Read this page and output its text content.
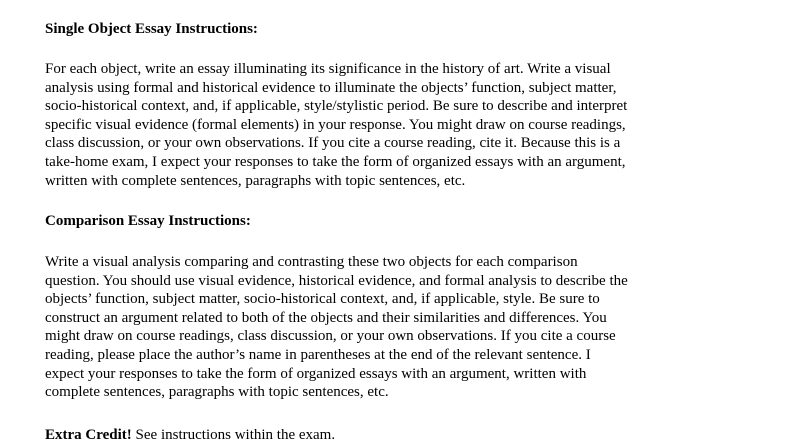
Single Object Essay Instructions:
For each object, write an essay illuminating its significance in the history of art. Write a visual
analysis using formal and historical evidence to illuminate the objects’ function, subject matter,
socio-historical context, and, if applicable, style/stylistic period. Be sure to describe and interpret
specific visual evidence (formal elements) in your response. You might draw on course readings,
class discussion, or your own observations. If you cite a course reading, cite it. Because this is a
take-home exam, I expect your responses to take the form of organized essays with an argument,
written with complete sentences, paragraphs with topic sentences, etc.
Comparison Essay Instructions:
Write a visual analysis comparing and contrasting these two objects for each comparison
question. You should use visual evidence, historical evidence, and formal analysis to describe the
objects’ function, subject matter, socio-historical context, and, if applicable, style. Be sure to
construct an argument related to both of the objects and their similarities and differences. You
might draw on course readings, class discussion, or your own observations. If you cite a course
reading, please place the author’s name in parentheses at the end of the relevant sentence. I
expect your responses to take the form of organized essays with an argument, written with
complete sentences, paragraphs with topic sentences, etc.
Extra Credit! See instructions within the exam.
